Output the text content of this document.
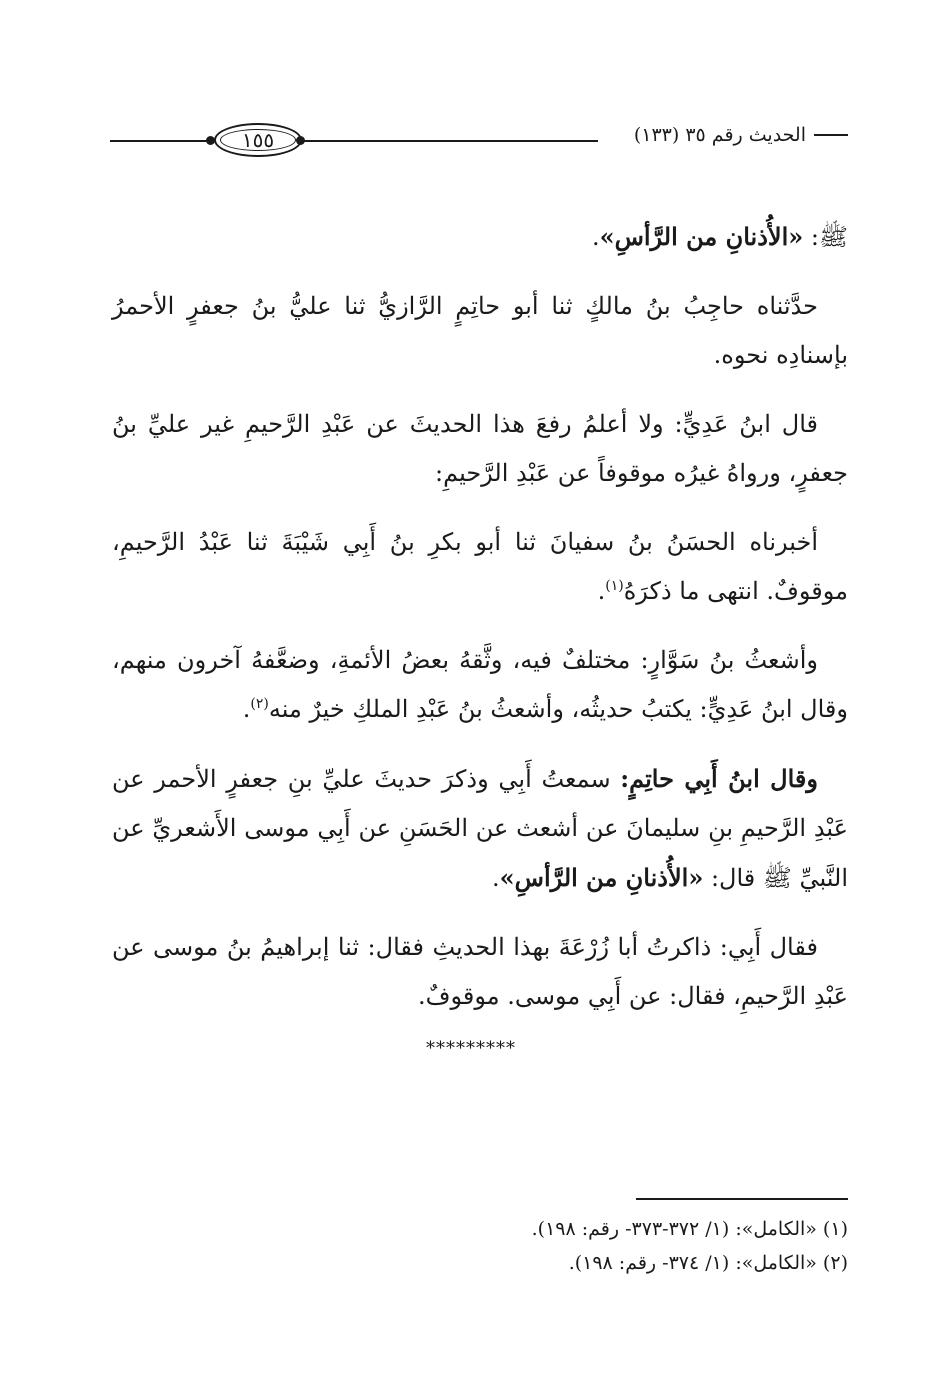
الحديث رقم ٣٥ (١٣٣)
١٥٥

ﷺ: «الأُذنانِ من الرَّأسِ».

حدَّثناه حاجِبُ بنُ مالكٍ ثنا أبو حاتِمٍ الرَّازيُّ ثنا عليُّ بنُ جعفرٍ الأحمرُ بإسنادِه نحوه.

قال ابنُ عَدِيٍّ: ولا أعلمُ رفعَ هذا الحديثَ عن عَبْدِ الرَّحيمِ غير عليِّ بنُ جعفرٍ، ورواهُ غيرُه موقوفاً عن عَبْدِ الرَّحيمِ:

أخبرناه الحسَنُ بنُ سفيانَ ثنا أبو بكرِ بنُ أَبِي شَيْبَةَ ثنا عَبْدُ الرَّحيمِ، موقوفٌ. انتهى ما ذكرَهُ$^{(١)}$.

وأشعثُ بنُ سَوَّارٍ: مختلفٌ فيه، وثَّقهُ بعضُ الأئمةِ، وضعَّفهُ آخرون منهم، وقال ابنُ عَدِيٍّ: يكتبُ حديثُه، وأشعثُ بنُ عَبْدِ الملكِ خيرٌ منه$^{(٢)}$.

وقال ابنُ أَبِي حاتِمٍ: سمعتُ أَبِي وذكرَ حديثَ عليِّ بنِ جعفرٍ الأحمر عن عَبْدِ الرَّحيمِ بنِ سليمانَ عن أشعث عن الحَسَنِ عن أَبِي موسى الأَشعريِّ عن النَّبيِّ ﷺ قال: «الأُذنانِ من الرَّأسِ».

فقال أَبِي: ذاكرتُ أبا زُرْعَةَ بهذا الحديثِ فقال: ثنا إبراهيمُ بنُ موسى عن عَبْدِ الرَّحيمِ، فقال: عن أَبِي موسى. موقوفٌ.

*********
(١) «الكامل»: (١/ ٣٧٢-٣٧٣- رقم: ١٩٨).
(٢) «الكامل»: (١/ ٣٧٤- رقم: ١٩٨).
